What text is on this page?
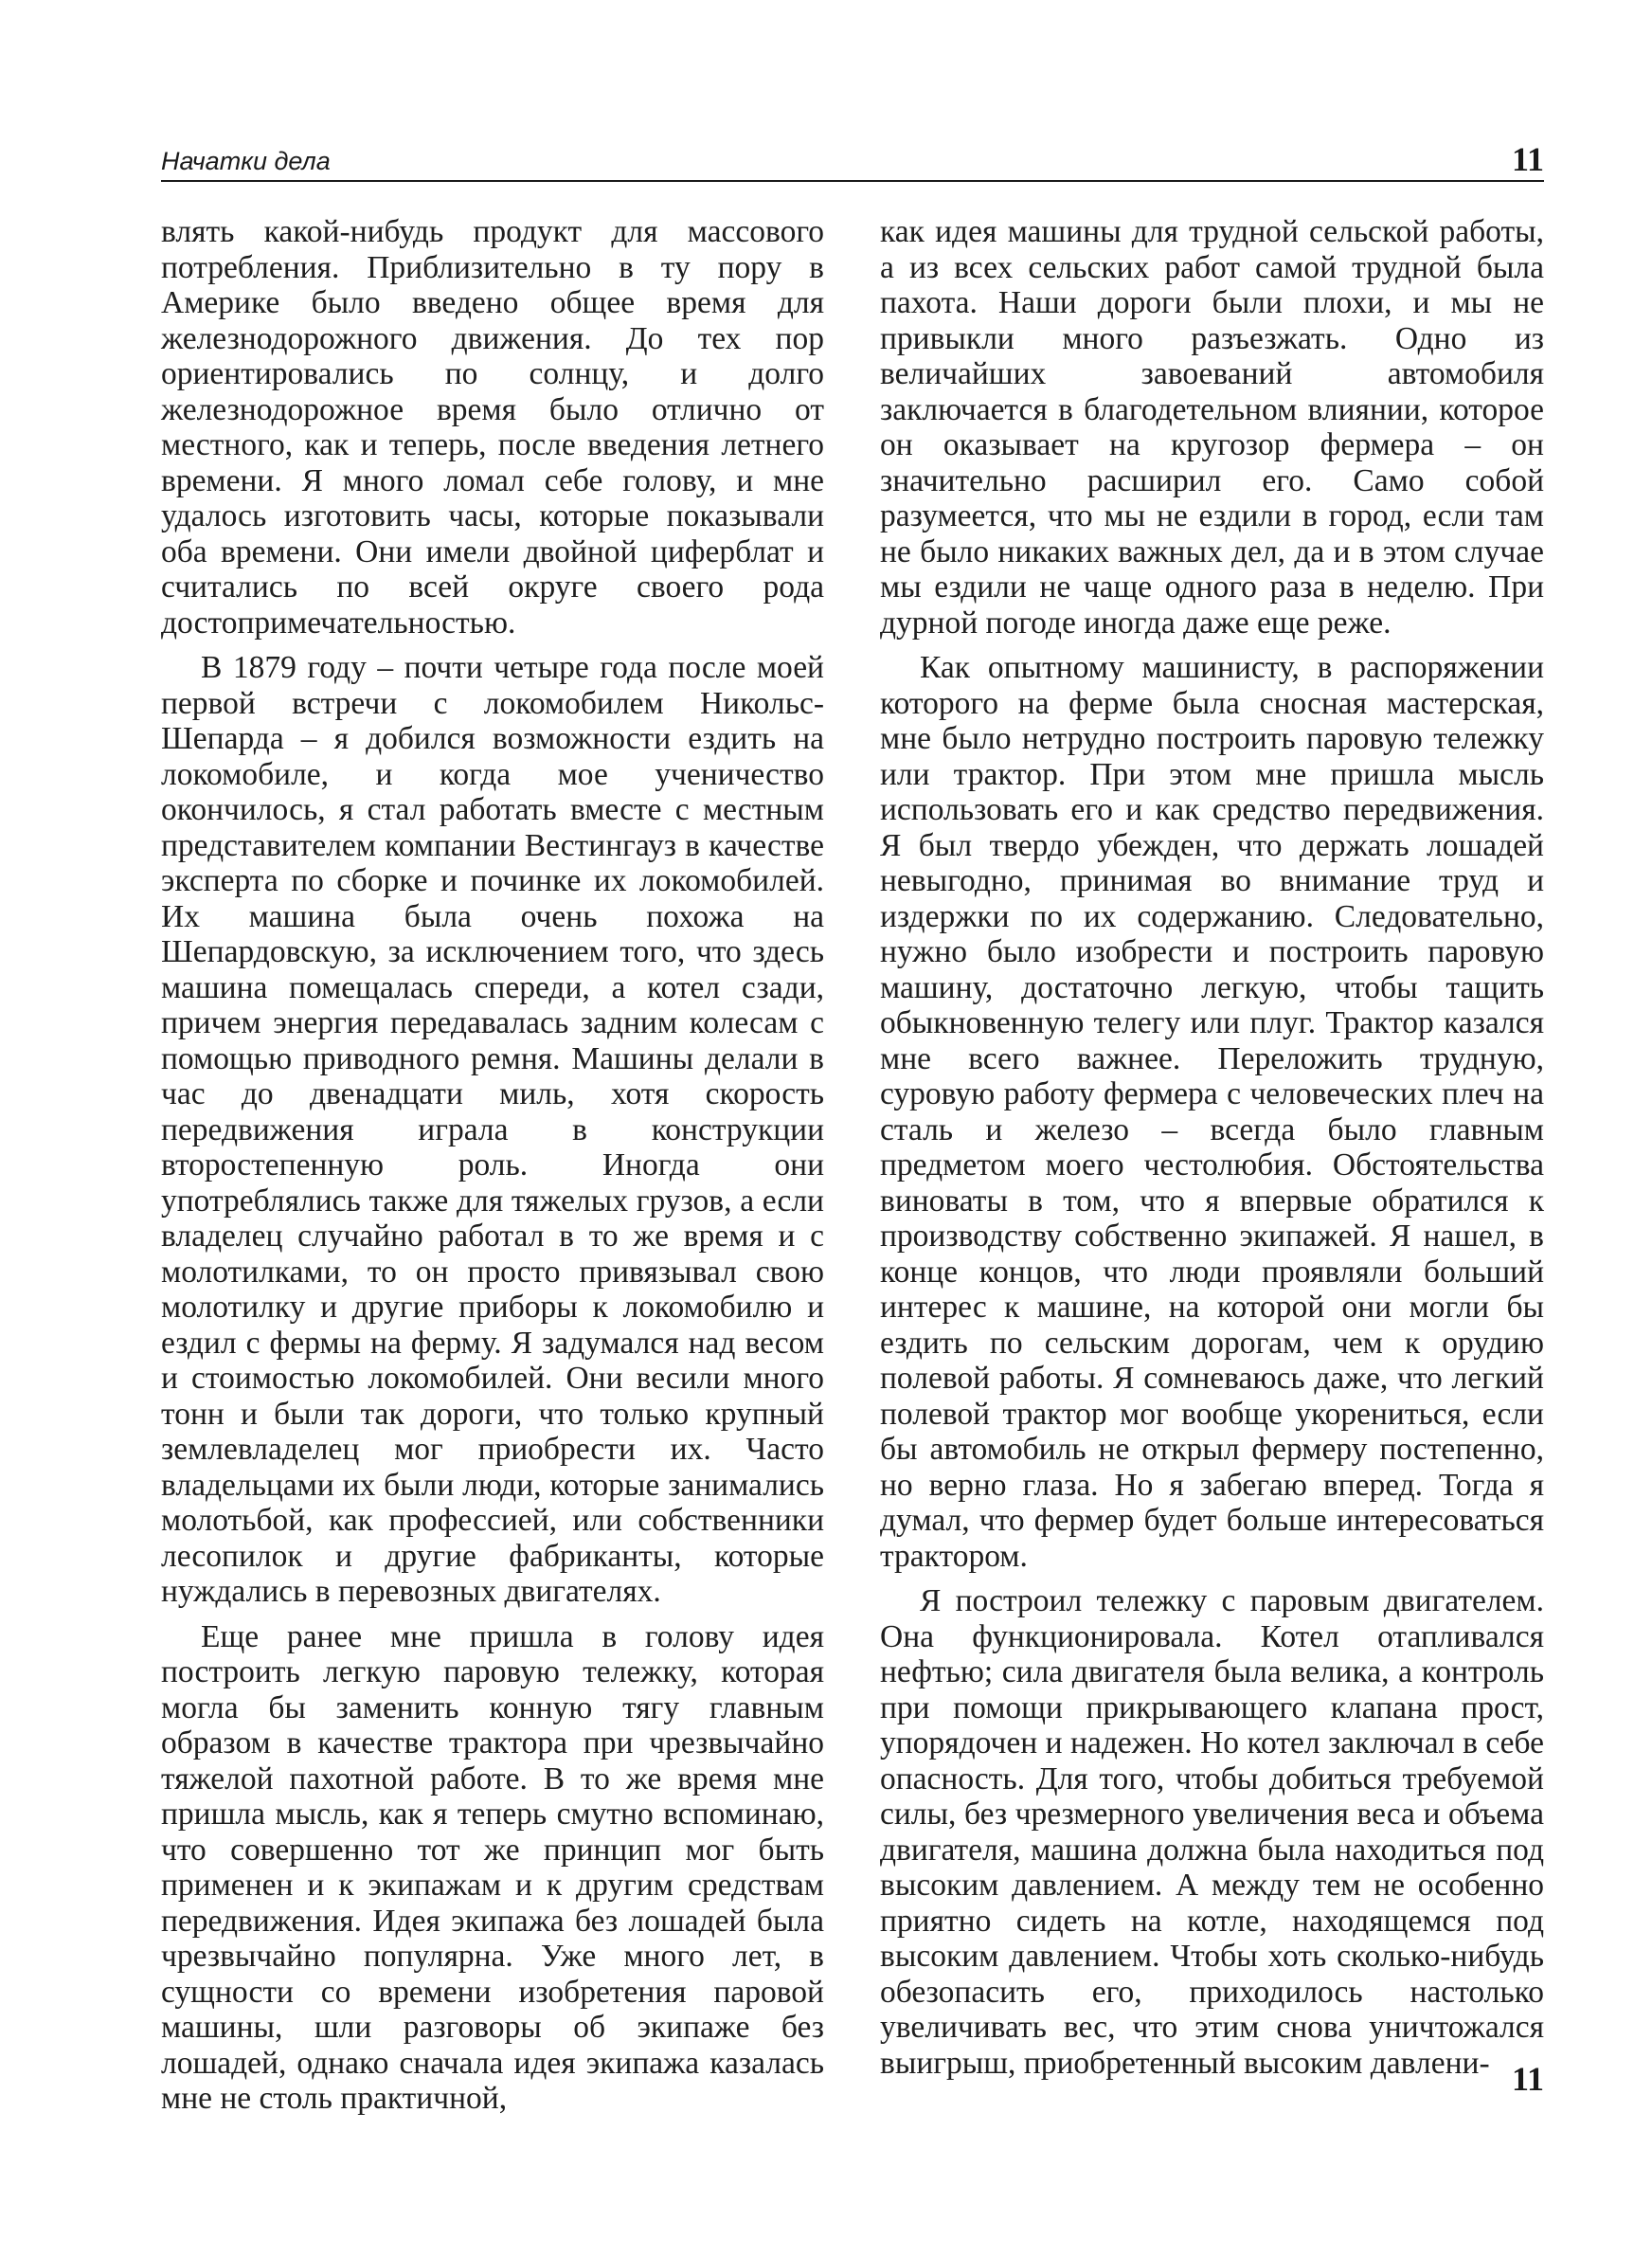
Начатки дела	11

влять какой-нибудь продукт для массового потребления. Приблизительно в ту пору в Америке было введено общее время для железнодорожного движения. До тех пор ориентировались по солнцу, и долго железнодорожное время было отлично от местного, как и теперь, после введения летнего времени. Я много ломал себе голову, и мне удалось изготовить часы, которые показывали оба времени. Они имели двойной циферблат и считались по всей округе своего рода достопримечательностью.

В 1879 году – почти четыре года после моей первой встречи с локомобилем Никольс-Шепарда – я добился возможности ездить на локомобиле, и когда мое ученичество окончилось, я стал работать вместе с местным представителем компании Вестингауз в качестве эксперта по сборке и починке их локомобилей. Их машина была очень похожа на Шепардовскую, за исключением того, что здесь машина помещалась спереди, а котел сзади, причем энергия передавалась задним колесам с помощью приводного ремня. Машины делали в час до двенадцати миль, хотя скорость передвижения играла в конструкции второстепенную роль. Иногда они употреблялись также для тяжелых грузов, а если владелец случайно работал в то же время и с молотилками, то он просто привязывал свою молотилку и другие приборы к локомобилю и ездил с фермы на ферму. Я задумался над весом и стоимостью локомобилей. Они весили много тонн и были так дороги, что только крупный землевладелец мог приобрести их. Часто владельцами их были люди, которые занимались молотьбой, как профессией, или собственники лесопилок и другие фабриканты, которые нуждались в перевозных двигателях.

Еще ранее мне пришла в голову идея построить легкую паровую тележку, которая могла бы заменить конную тягу главным образом в качестве трактора при чрезвычайно тяжелой пахотной работе. В то же время мне пришла мысль, как я теперь смутно вспоминаю, что совершенно тот же принцип мог быть применен и к экипажам и к другим средствам передвижения. Идея экипажа без лошадей была чрезвычайно популярна. Уже много лет, в сущности со времени изобретения паровой машины, шли разговоры об экипаже без лошадей, однако сначала идея экипажа казалась мне не столь практичной,

как идея машины для трудной сельской работы, а из всех сельских работ самой трудной была пахота. Наши дороги были плохи, и мы не привыкли много разъезжать. Одно из величайших завоеваний автомобиля заключается в благодетельном влиянии, которое он оказывает на кругозор фермера – он значительно расширил его. Само собой разумеется, что мы не ездили в город, если там не было никаких важных дел, да и в этом случае мы ездили не чаще одного раза в неделю. При дурной погоде иногда даже еще реже.

Как опытному машинисту, в распоряжении которого на ферме была сносная мастерская, мне было нетрудно построить паровую тележку или трактор. При этом мне пришла мысль использовать его и как средство передвижения. Я был твердо убежден, что держать лошадей невыгодно, принимая во внимание труд и издержки по их содержанию. Следовательно, нужно было изобрести и построить паровую машину, достаточно легкую, чтобы тащить обыкновенную телегу или плуг. Трактор казался мне всего важнее. Переложить трудную, суровую работу фермера с человеческих плеч на сталь и железо – всегда было главным предметом моего честолюбия. Обстоятельства виноваты в том, что я впервые обратился к производству собственно экипажей. Я нашел, в конце концов, что люди проявляли больший интерес к машине, на которой они могли бы ездить по сельским дорогам, чем к орудию полевой работы. Я сомневаюсь даже, что легкий полевой трактор мог вообще укорениться, если бы автомобиль не открыл фермеру постепенно, но верно глаза. Но я забегаю вперед. Тогда я думал, что фермер будет больше интересоваться трактором.

Я построил тележку с паровым двигателем. Она функционировала. Котел отапливался нефтью; сила двигателя была велика, а контроль при помощи прикрывающего клапана прост, упорядочен и надежен. Но котел заключал в себе опасность. Для того, чтобы добиться требуемой силы, без чрезмерного увеличения веса и объема двигателя, машина должна была находиться под высоким давлением. А между тем не особенно приятно сидеть на котле, находящемся под высоким давлением. Чтобы хоть сколько-нибудь обезопасить его, приходилось настолько увеличивать вес, что этим снова уничтожался выигрыш, приобретенный высоким давлени- 11
